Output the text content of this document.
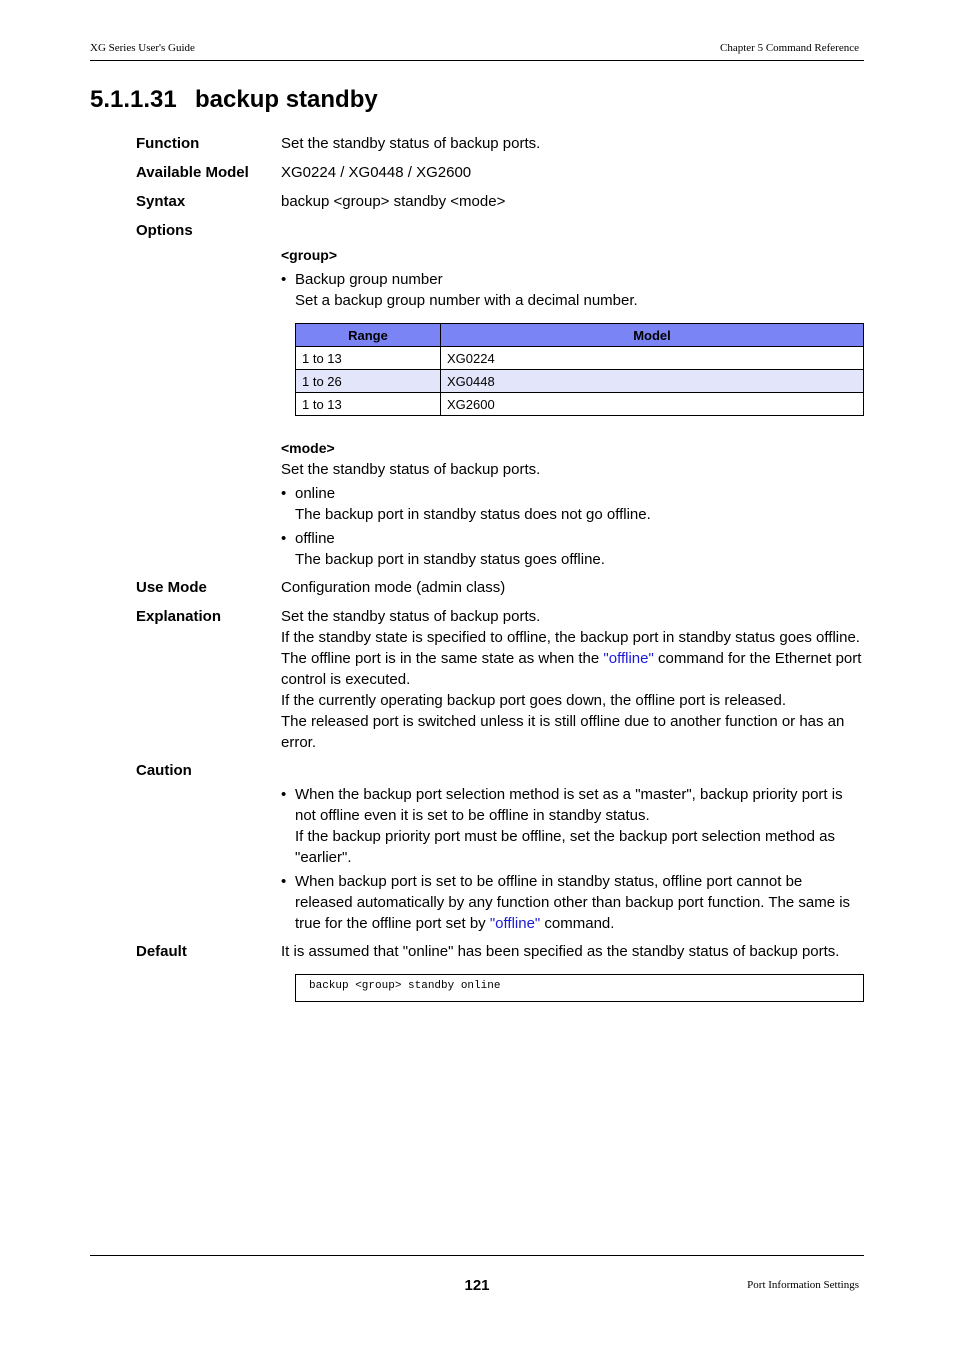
XG Series User's Guide	Chapter 5 Command Reference
5.1.1.31 backup standby
Function	Set the standby status of backup ports.
Available Model XG0224 / XG0448 / XG2600
Syntax	backup <group> standby <mode>
Options
<group>
• Backup group number
Set a backup group number with a decimal number.
Range	Model
1 to 13	XG0224
1 to 26	XG0448
1 to 13	XG2600
<mode>
Set the standby status of backup ports.
• online
The backup port in standby status does not go offline.
• offline
The backup port in standby status goes offline.
Use Mode	Configuration mode (admin class)
Explanation	Set the standby status of backup ports.
If the standby state is specified to offline, the backup port in standby status goes offline.
The offline port is in the same state as when the "offline" command for the Ethernet port control is executed.
If the currently operating backup port goes down, the offline port is released.
The released port is switched unless it is still offline due to another function or has an error.
Caution
• When the backup port selection method is set as a "master", backup priority port is not offline even it is set to be offline in standby status.
If the backup priority port must be offline, set the backup port selection method as "earlier".
• When backup port is set to be offline in standby status, offline port cannot be released automatically by any function other than backup port function. The same is true for the offline port set by "offline" command.
Default	It is assumed that "online" has been specified as the standby status of backup ports.
backup <group> standby online
121	Port Information Settings
